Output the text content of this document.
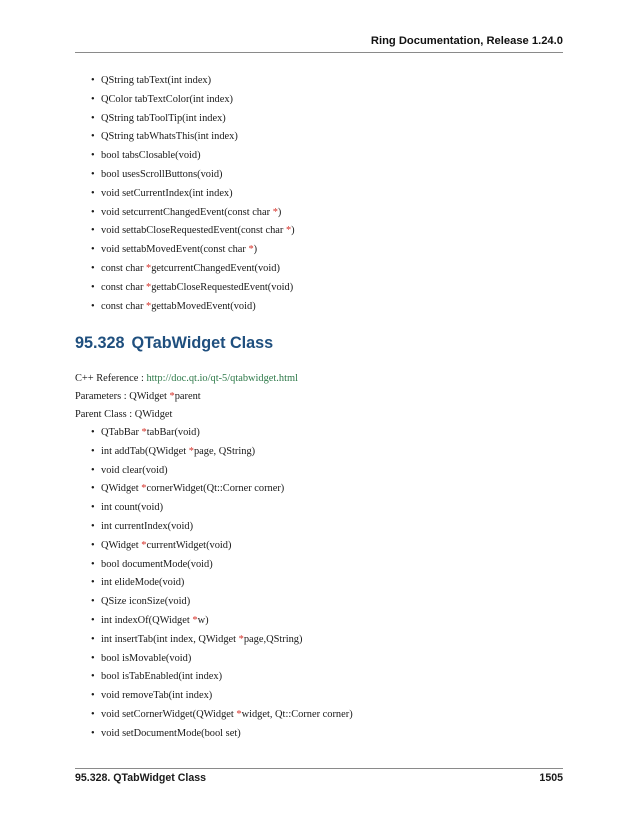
Ring Documentation, Release 1.24.0
• QString tabText(int index)
• QColor tabTextColor(int index)
• QString tabToolTip(int index)
• QString tabWhatsThis(int index)
• bool tabsClosable(void)
• bool usesScrollButtons(void)
• void setCurrentIndex(int index)
• void setcurrentChangedEvent(const char *)
• void settabCloseRequestedEvent(const char *)
• void settabMovedEvent(const char *)
• const char *getcurrentChangedEvent(void)
• const char *gettabCloseRequestedEvent(void)
• const char *gettabMovedEvent(void)
95.328 QTabWidget Class
C++ Reference : http://doc.qt.io/qt-5/qtabwidget.html
Parameters : QWidget *parent
Parent Class : QWidget
• QTabBar *tabBar(void)
• int addTab(QWidget *page, QString)
• void clear(void)
• QWidget *cornerWidget(Qt::Corner corner)
• int count(void)
• int currentIndex(void)
• QWidget *currentWidget(void)
• bool documentMode(void)
• int elideMode(void)
• QSize iconSize(void)
• int indexOf(QWidget *w)
• int insertTab(int index, QWidget *page,QString)
• bool isMovable(void)
• bool isTabEnabled(int index)
• void removeTab(int index)
• void setCornerWidget(QWidget *widget, Qt::Corner corner)
• void setDocumentMode(bool set)
95.328. QTabWidget Class	1505
